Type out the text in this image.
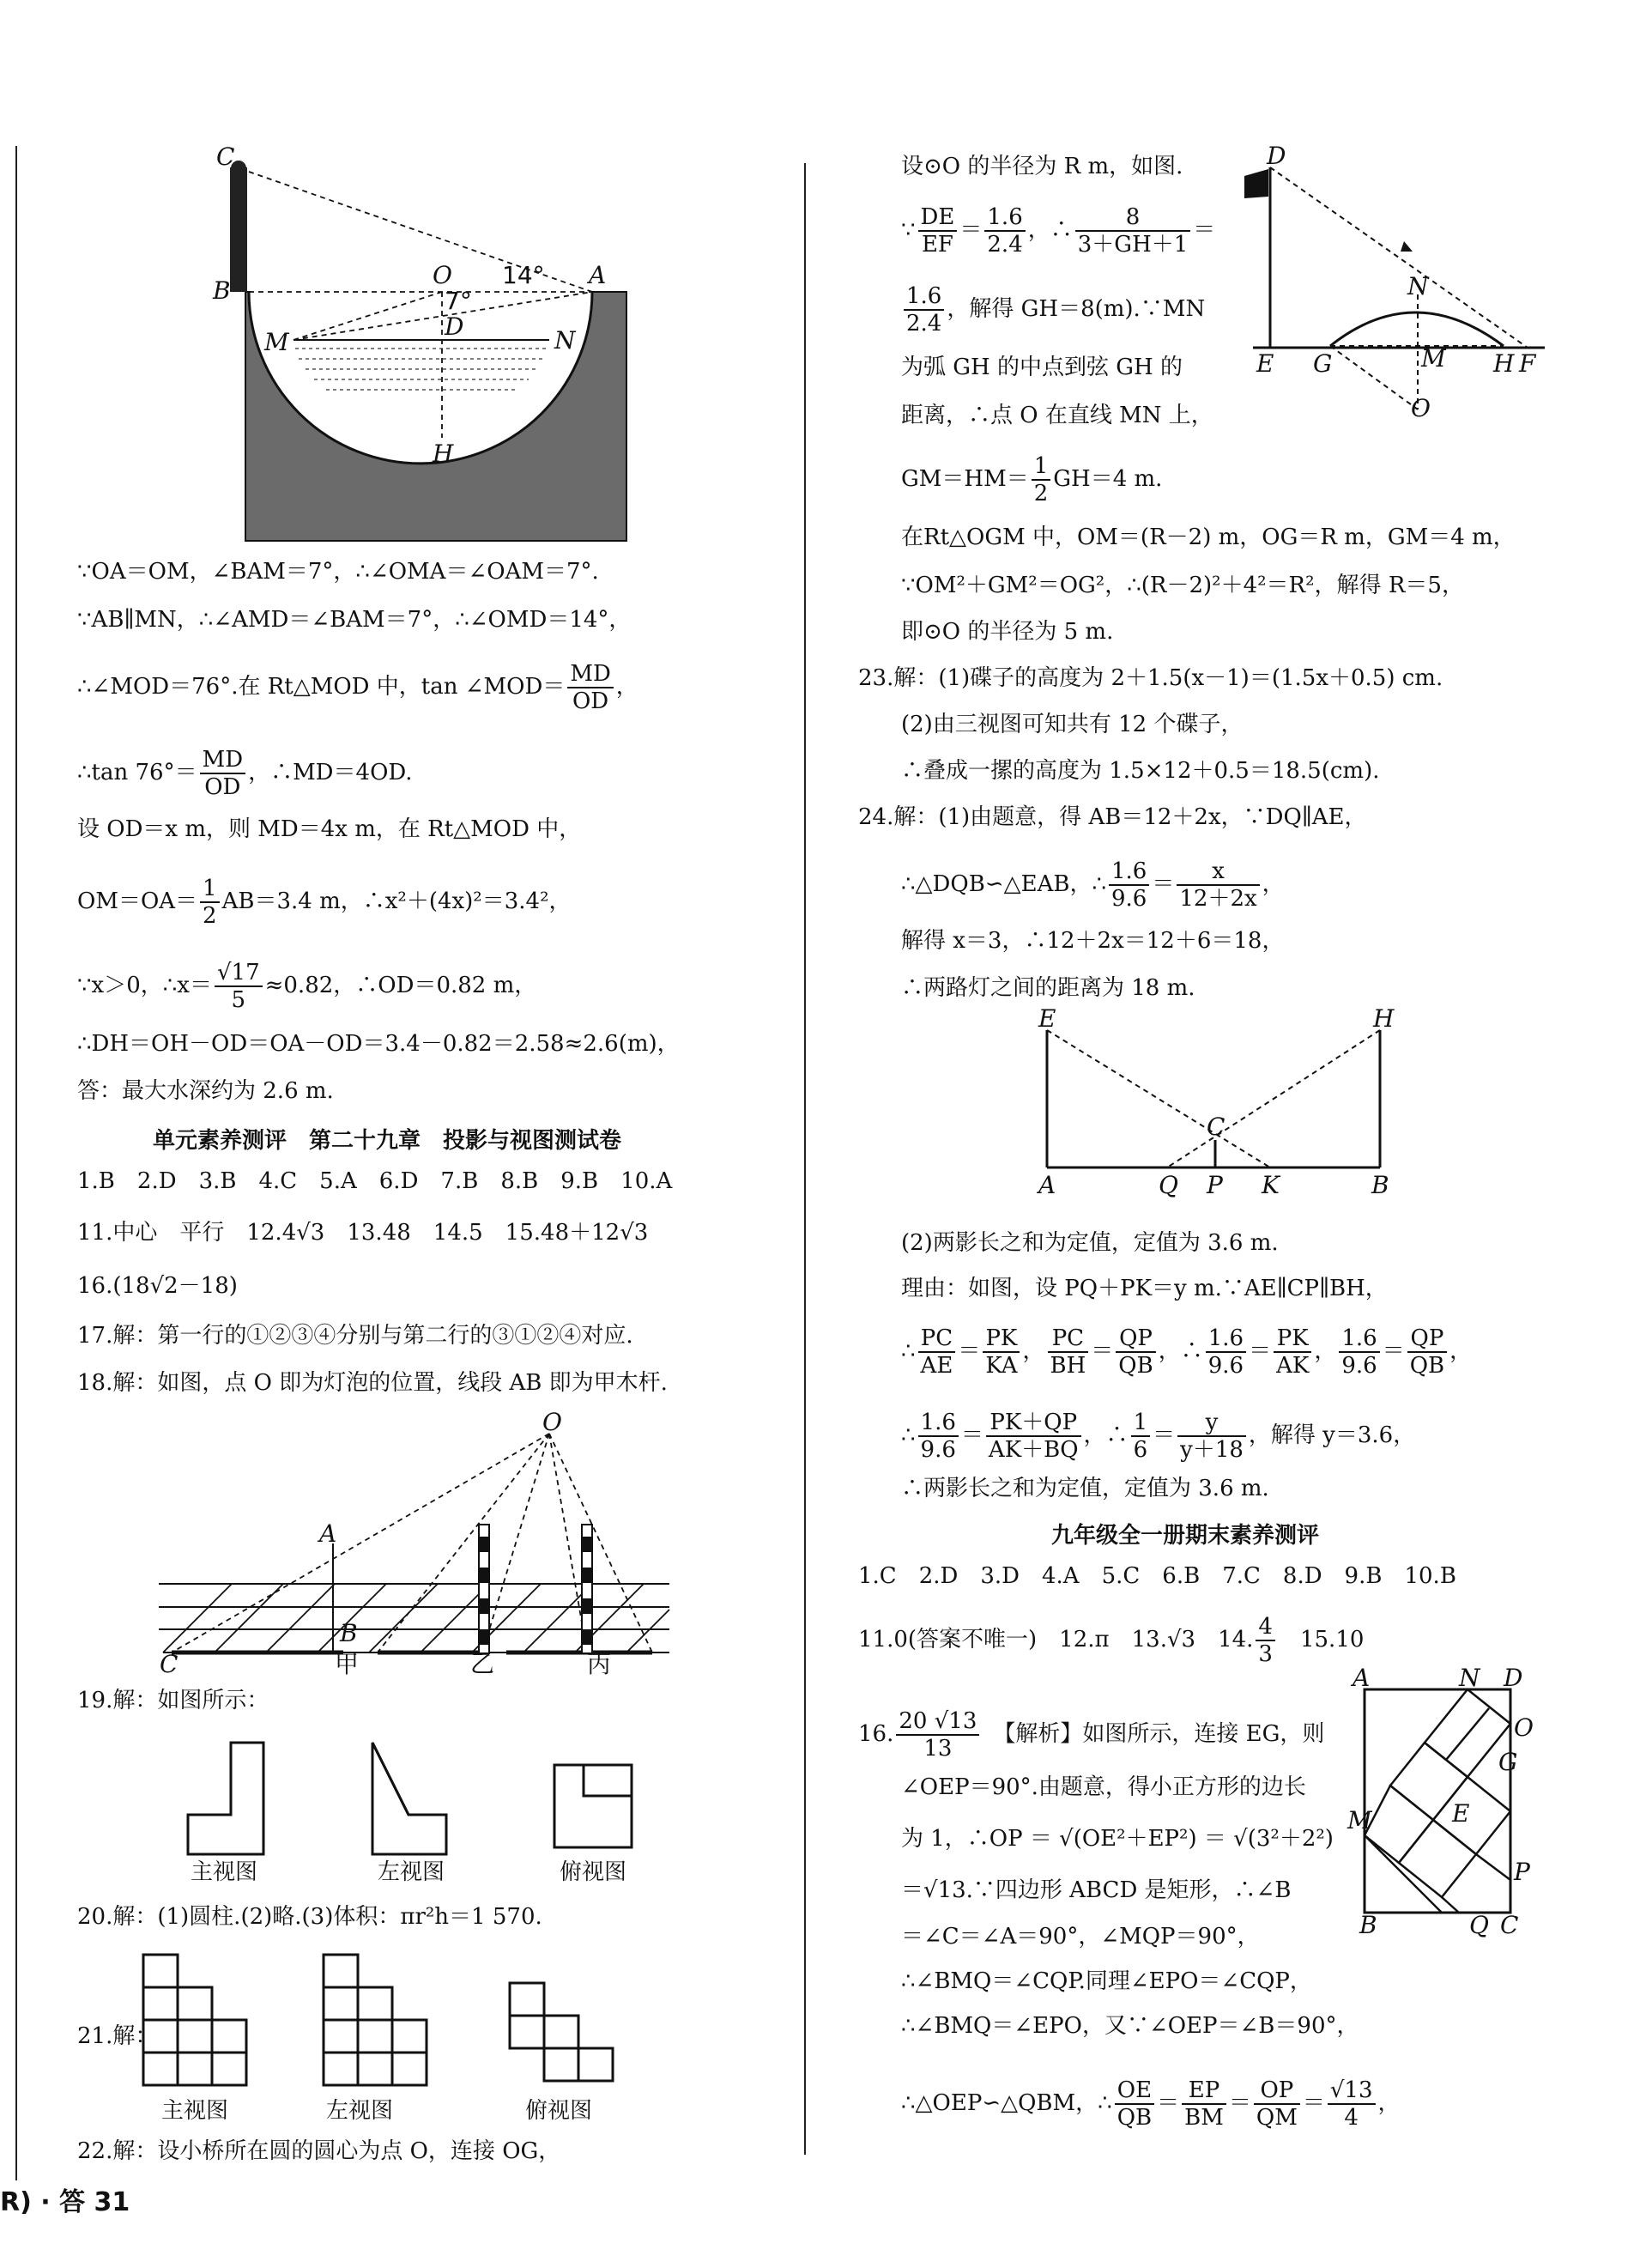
C
B
O 14° A
7°
D
M	N
H
∵OA＝OM，∠BAM＝7°，∴∠OMA＝∠OAM＝7°.
∵AB∥MN，∴∠AMD＝∠BAM＝7°，∴∠OMD＝14°，
∴∠MOD＝76°.在 Rt△MOD 中，tan ∠MOD＝ $\frac{MD}{OD}$ ，
∴tan $76^\circ= \frac{MD}{OD}$ ，∴MD＝4OD.
设 OD＝x m，则 MD＝4x m，在 Rt△MOD 中，
$OM=OA= \frac{1}{2} AB=3.4$ m，∴x²＋(4x)²＝3.4²，
∵x＞0，∴x＝ $\frac{√17}{5} \approx 0.82$，∴OD＝0.82 m，
∴DH＝OH－OD＝OA－OD＝3.4－0.82＝2.58≈2.6(m)，
答：最大水深约为 2.6 m.
单元素养测评　第二十九章　投影与视图测试卷
1.B　2.D　3.B　4.C　5.A　6.D　7.B　8.B　9.B　10.A
11.中心　平行　12.4√3　13.48　14.5　15.48＋12√3
16.(18√2－18)
17.解：第一行的①②③④分别与第二行的③①②④对应.
18.解：如图，点 O 即为灯泡的位置，线段 AB 即为甲木杆.
O
A
B
C	甲	乙	丙
19.解：如图所示：
主视图	左视图	俯视图
20.解：(1)圆柱.(2)略.(3)体积：πr²h＝1 570.
21.解：
主视图	左视图	俯视图
22.解：设小桥所在圆的圆心为点 O，连接 OG，
设⊙O 的半径为 R m，如图.
∵ $\frac{DE}{EF} = \frac{1.6}{2.4}$ ，∴ $\frac{8}{3+GH+1}$ ＝
$\frac{1.6}{2.4}$ ，解得 GH＝8(m).∵MN
为弧 GH 的中点到弦 GH 的
距离，∴点 O 在直线 MN 上，
$GM=HM= \frac{1}{2} GH=4$ m.
在Rt△OGM 中，OM＝(R－2) m，OG＝R m，GM＝4 m，
∵OM²＋GM²＝OG²，∴(R－2)²＋4²＝R²，解得 R＝5，
即⊙O 的半径为 5 m.
23.解：(1)碟子的高度为 2＋1.5(x－1)＝(1.5x＋0.5) cm.
(2)由三视图可知共有 12 个碟子，
∴叠成一摞的高度为 1.5×12＋0.5＝18.5(cm).
24.解：(1)由题意，得 AB＝12＋2x，∵DQ∥AE，
∴△DQB∽△EAB，∴ $\frac{1.6}{9.6} = \frac{x}{12+2x}$ ，
解得 x＝3，∴12＋2x＝12＋6＝18，
∴两路灯之间的距离为 18 m.
(2)两影长之和为定值，定值为 3.6 m.
理由：如图，设 PQ＋PK＝y m.∵AE∥CP∥BH，
∴ $\frac{PC}{AE} = \frac{PK}{KA}$ ， $\frac{PC}{BH} = \frac{QP}{QB}$ ，∴ $\frac{1.6}{9.6} = \frac{PK}{AK}$ ， $\frac{1.6}{9.6} = \frac{QP}{QB}$ ，
∴ $\frac{1.6}{9.6} = \frac{PK+QP}{AK+BQ}$ ，∴ $\frac{1}{6} = \frac{y}{y+18}$ ，解得 y＝3.6，
∴两影长之和为定值，定值为 3.6 m.
九年级全一册期末素养测评
1.C　2.D　3.D　4.A　5.C　6.B　7.C　8.D　9.B　10.B
11.0(答案不唯一)　12.π　13.√3　14. $\frac{4}{3}$ 　15.10
16. $\frac{20 √13}{13}$
　 【解析】如图所示，连接 EG，则
∠OEP＝90°.由题意，得小正方形的边长
为 1，∴OP ＝ √(OE²＋EP²) ＝ √(3²＋2²)
＝√13.∵四边形 ABCD 是矩形，∴∠B
＝∠C＝∠A＝90°，∠MQP＝90°，
∴∠BMQ＝∠CQP.同理∠EPO＝∠CQP，
∴∠BMQ＝∠EPO，又∵∠OEP＝∠B＝90°，
∴△OEP∽△QBM，∴ $\frac{OE}{QB} = \frac{EP}{BM} = \frac{OP}{QM} = \frac{√13}{4}$ ，
D
N
E G	M H F
O
E	H
C
A	Q P K	B
A	N D
O
G
M	E
P
B	Q C
R) · 答 31
